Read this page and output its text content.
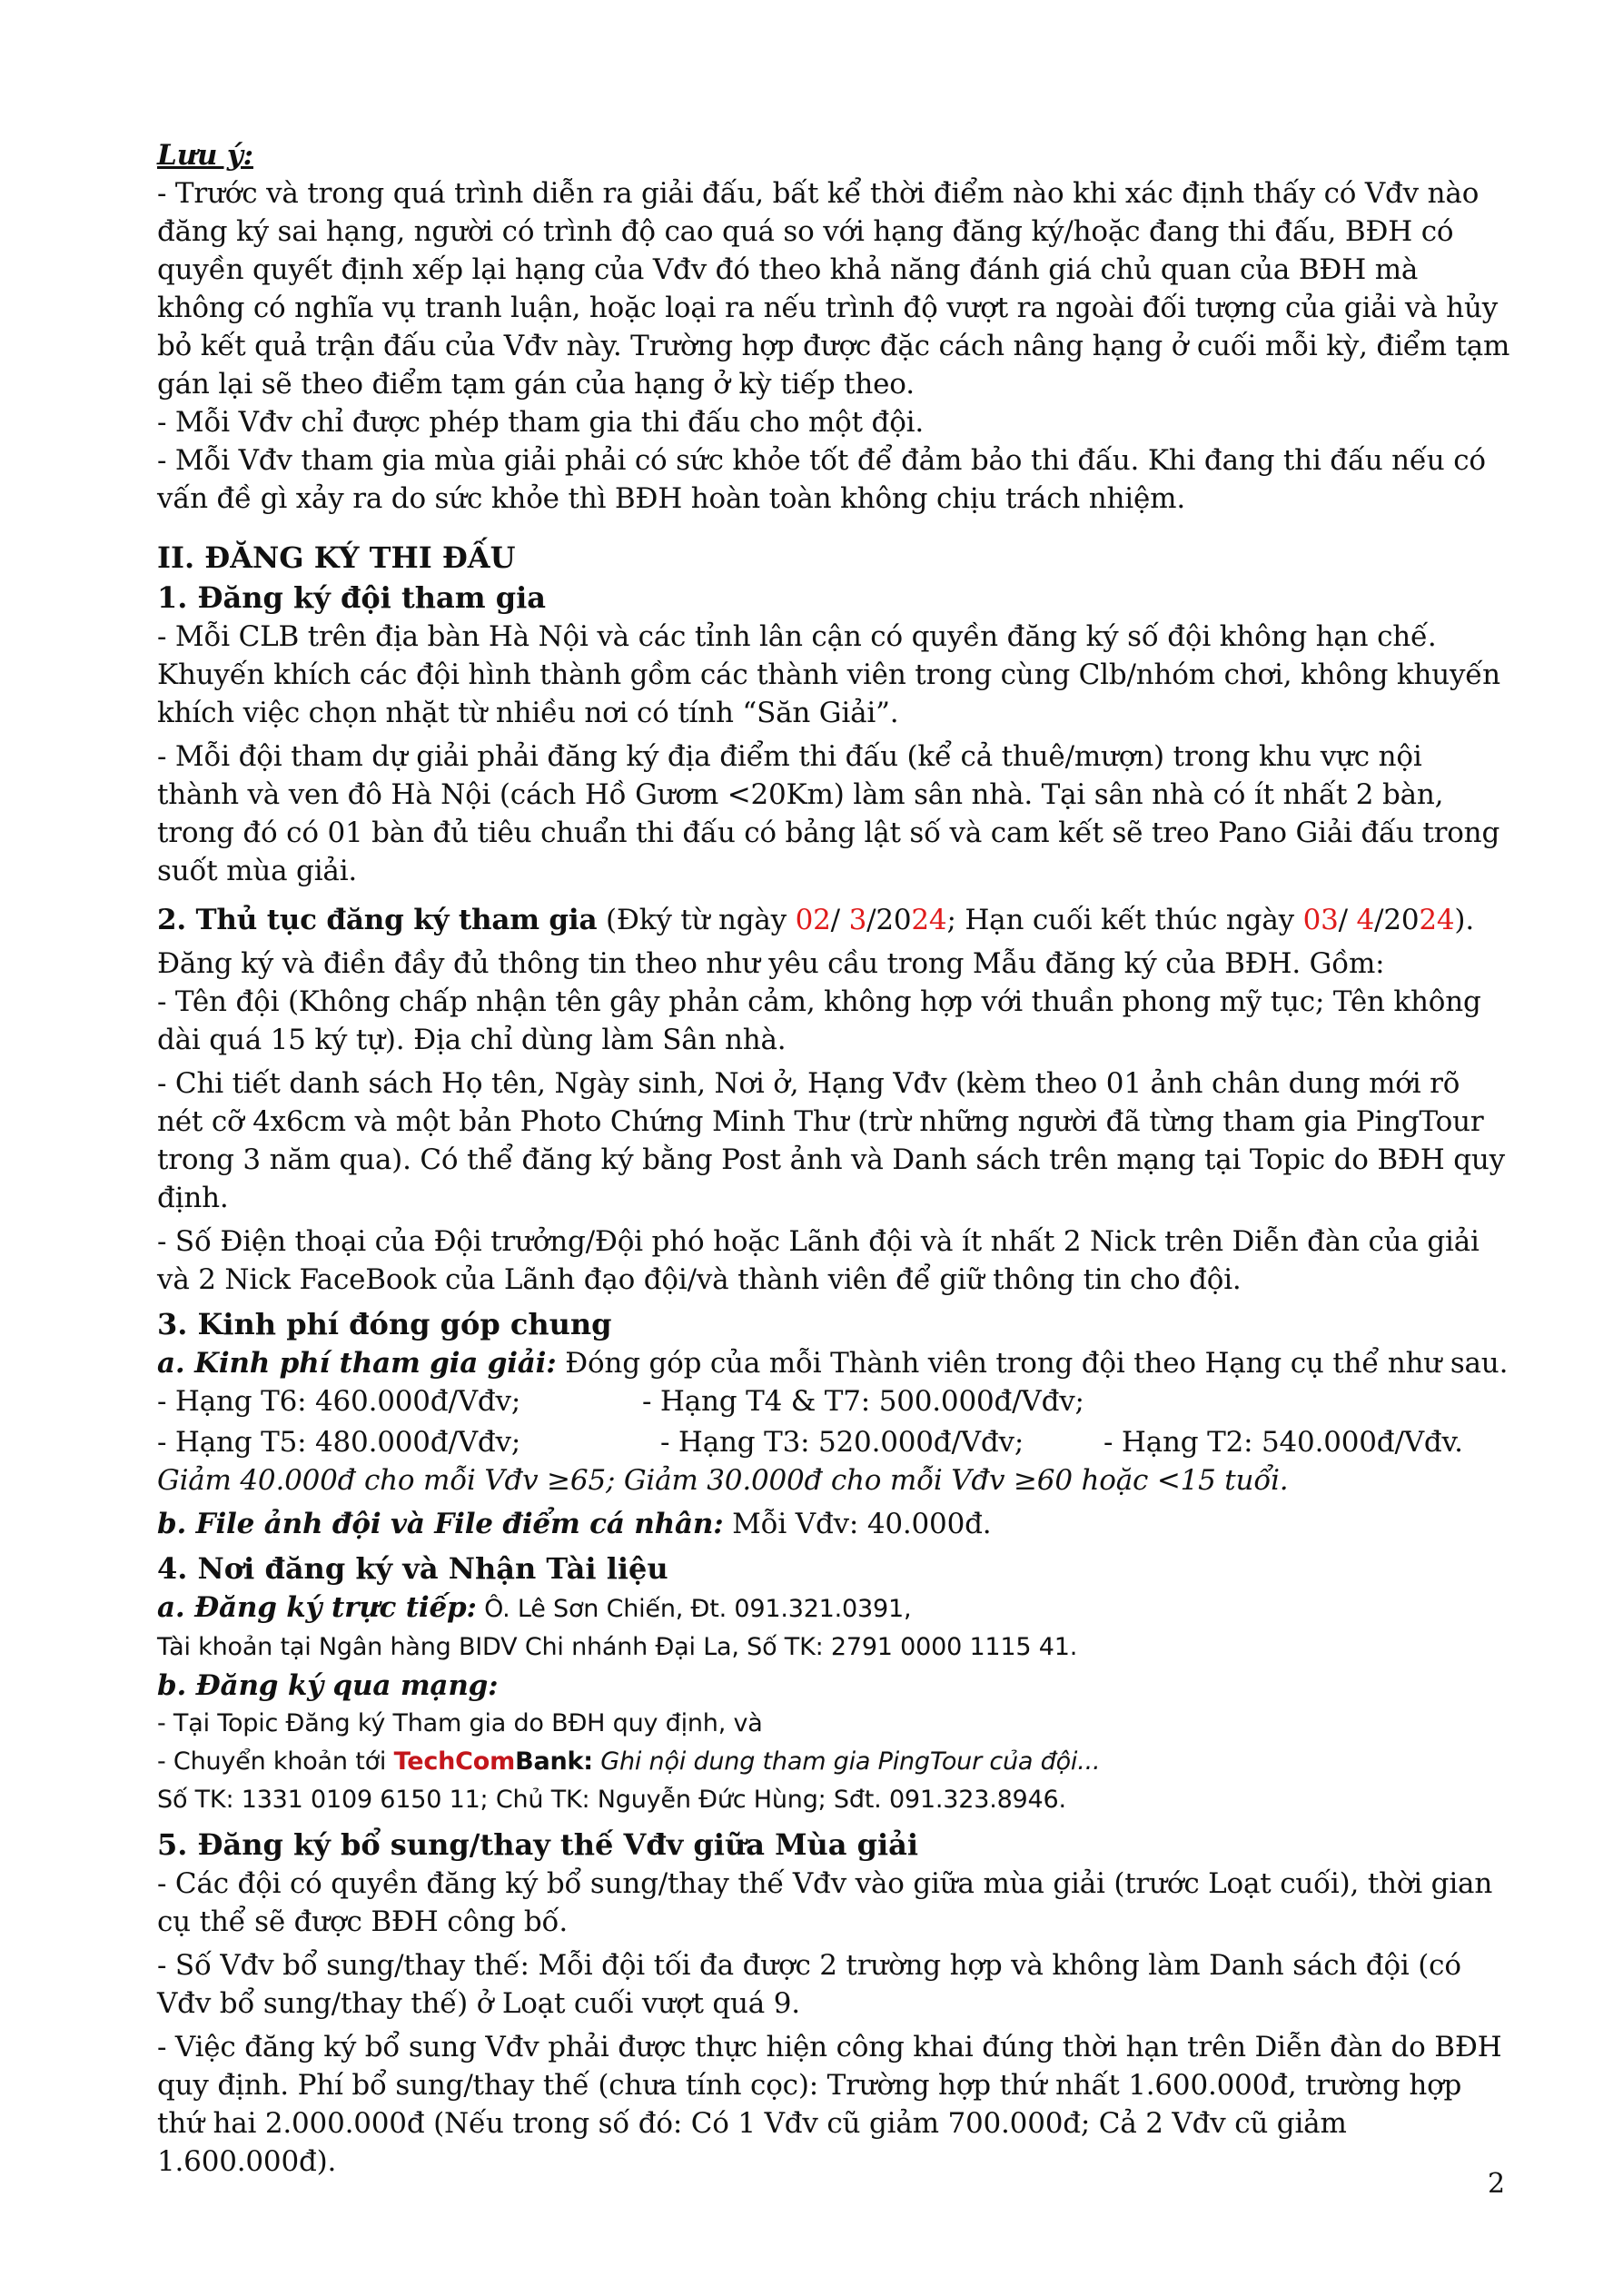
Lưu ý:

- Trước và trong quá trình diễn ra giải đấu, bất kể thời điểm nào khi xác định thấy có Vđv nào đăng ký sai hạng, người có trình độ cao quá so với hạng đăng ký/hoặc đang thi đấu, BĐH có quyền quyết định xếp lại hạng của Vđv đó theo khả năng đánh giá chủ quan của BĐH mà không có nghĩa vụ tranh luận, hoặc loại ra nếu trình độ vượt ra ngoài đối tượng của giải và hủy bỏ kết quả trận đấu của Vđv này. Trường hợp được đặc cách nâng hạng ở cuối mỗi kỳ, điểm tạm gán lại sẽ theo điểm tạm gán của hạng ở kỳ tiếp theo.

- Mỗi Vđv chỉ được phép tham gia thi đấu cho một đội.

- Mỗi Vđv tham gia mùa giải phải có sức khỏe tốt để đảm bảo thi đấu. Khi đang thi đấu nếu có vấn đề gì xảy ra do sức khỏe thì BĐH hoàn toàn không chịu trách nhiệm.

II. ĐĂNG KÝ THI ĐẤU
1. Đăng ký đội tham gia

- Mỗi CLB trên địa bàn Hà Nội và các tỉnh lân cận có quyền đăng ký số đội không hạn chế. Khuyến khích các đội hình thành gồm các thành viên trong cùng Clb/nhóm chơi, không khuyến khích việc chọn nhặt từ nhiều nơi có tính “Săn Giải”.

- Mỗi đội tham dự giải phải đăng ký địa điểm thi đấu (kể cả thuê/mượn) trong khu vực nội thành và ven đô Hà Nội (cách Hồ Gươm <20Km) làm sân nhà. Tại sân nhà có ít nhất 2 bàn, trong đó có 01 bàn đủ tiêu chuẩn thi đấu có bảng lật số và cam kết sẽ treo Pano Giải đấu trong suốt mùa giải.

2. Thủ tục đăng ký tham gia (Đký từ ngày 02/ 3/2024; Hạn cuối kết thúc ngày 03/ 4/2024).

Đăng ký và điền đầy đủ thông tin theo như yêu cầu trong Mẫu đăng ký của BĐH. Gồm:

- Tên đội (Không chấp nhận tên gây phản cảm, không hợp với thuần phong mỹ tục; Tên không dài quá 15 ký tự). Địa chỉ dùng làm Sân nhà.

- Chi tiết danh sách Họ tên, Ngày sinh, Nơi ở, Hạng Vđv (kèm theo 01 ảnh chân dung mới rõ nét cỡ 4x6cm và một bản Photo Chứng Minh Thư (trừ những người đã từng tham gia PingTour trong 3 năm qua). Có thể đăng ký bằng Post ảnh và Danh sách trên mạng tại Topic do BĐH quy định.

- Số Điện thoại của Đội trưởng/Đội phó hoặc Lãnh đội và ít nhất 2 Nick trên Diễn đàn của giải và 2 Nick FaceBook của Lãnh đạo đội/và thành viên để giữ thông tin cho đội.

3. Kinh phí đóng góp chung

a. Kinh phí tham gia giải: Đóng góp của mỗi Thành viên trong đội theo Hạng cụ thể như sau.

- Hạng T6: 460.000đ/Vđv;	- Hạng T4 & T7: 500.000đ/Vđv;

- Hạng T5: 480.000đ/Vđv;	- Hạng T3: 520.000đ/Vđv;	- Hạng T2: 540.000đ/Vđv.

Giảm 40.000đ cho mỗi Vđv ≥65; Giảm 30.000đ cho mỗi Vđv ≥60 hoặc <15 tuổi.

b. File ảnh đội và File điểm cá nhân: Mỗi Vđv: 40.000đ.

4. Nơi đăng ký và Nhận Tài liệu

a. Đăng ký trực tiếp: Ô. Lê Sơn Chiến, Đt. 091.321.0391,

Tài khoản tại Ngân hàng BIDV Chi nhánh Đại La, Số TK: 2791 0000 1115 41.

b. Đăng ký qua mạng:

- Tại Topic Đăng ký Tham gia do BĐH quy định, và

- Chuyển khoản tới TechComBank: Ghi nội dung tham gia PingTour của đội...

Số TK: 1331 0109 6150 11; Chủ TK: Nguyễn Đức Hùng; Sđt. 091.323.8946.

5. Đăng ký bổ sung/thay thế Vđv giữa Mùa giải

- Các đội có quyền đăng ký bổ sung/thay thế Vđv vào giữa mùa giải (trước Loạt cuối), thời gian cụ thể sẽ được BĐH công bố.

- Số Vđv bổ sung/thay thế: Mỗi đội tối đa được 2 trường hợp và không làm Danh sách đội (có Vđv bổ sung/thay thế) ở Loạt cuối vượt quá 9.

- Việc đăng ký bổ sung Vđv phải được thực hiện công khai đúng thời hạn trên Diễn đàn do BĐH quy định. Phí bổ sung/thay thế (chưa tính cọc): Trường hợp thứ nhất 1.600.000đ, trường hợp thứ hai 2.000.000đ (Nếu trong số đó: Có 1 Vđv cũ giảm 700.000đ; Cả 2 Vđv cũ giảm 1.600.000đ).

2
